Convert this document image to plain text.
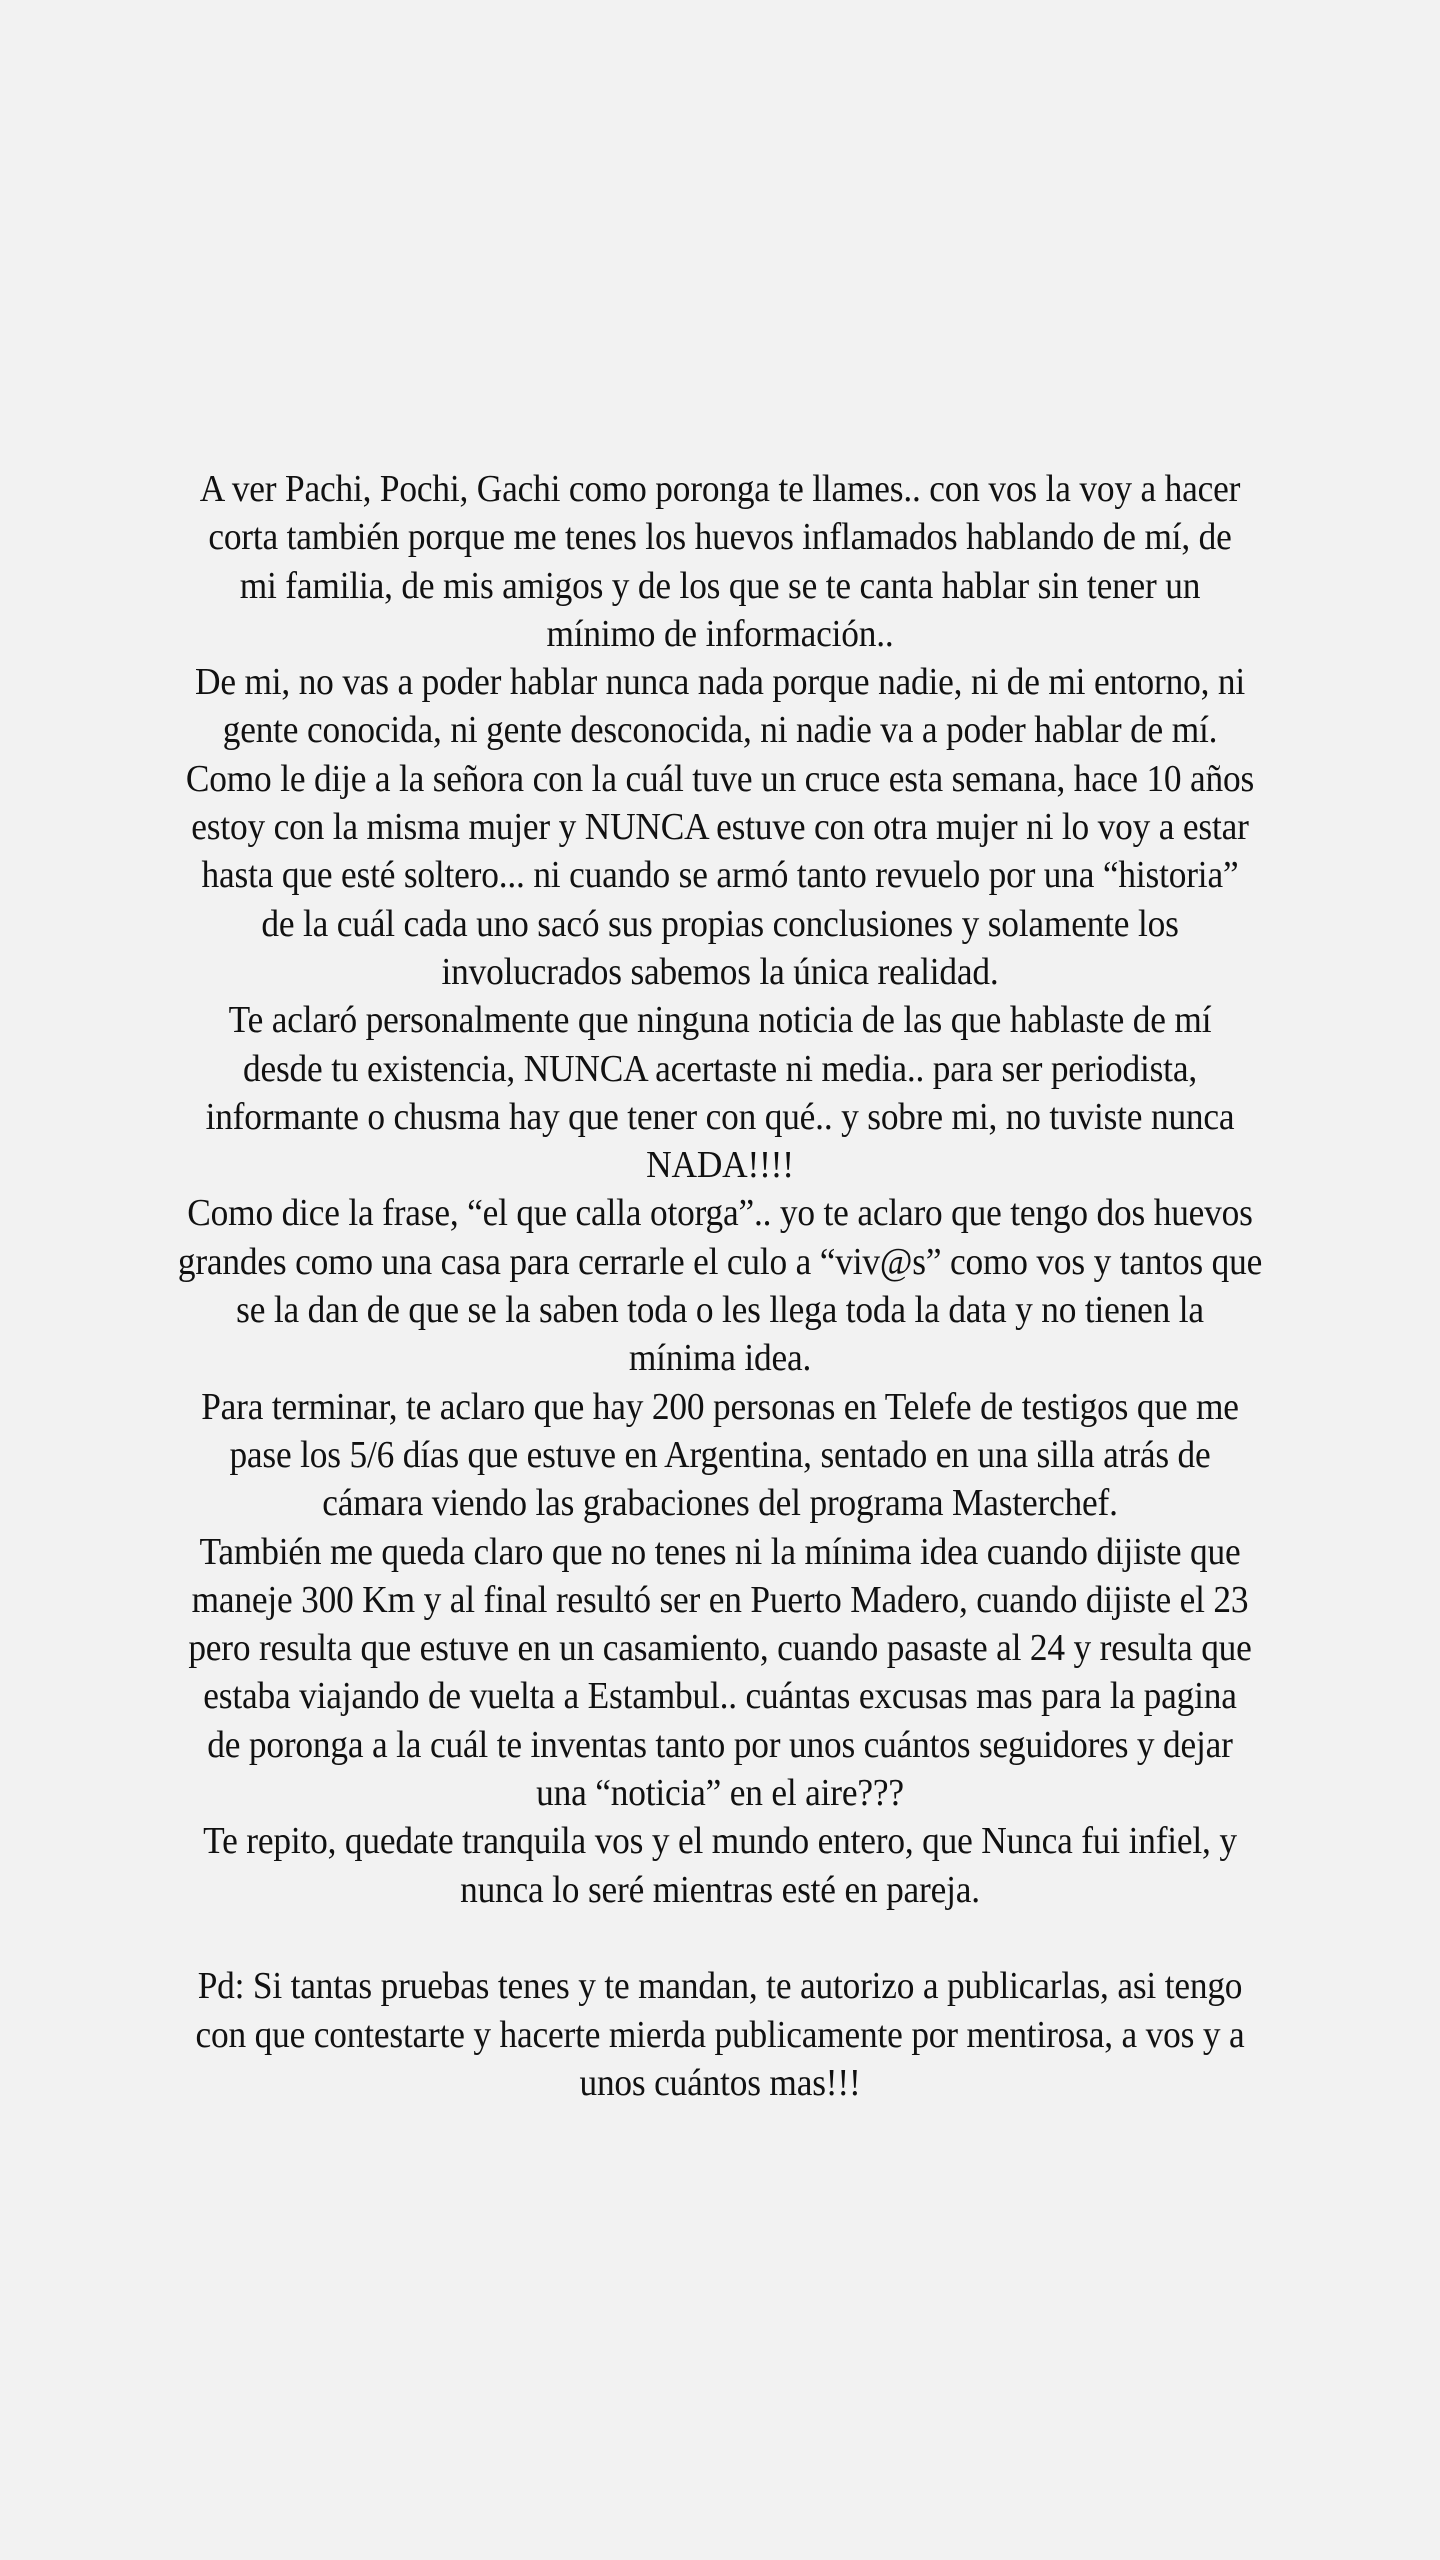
A ver Pachi, Pochi, Gachi como poronga te llames.. con vos la voy a hacer
corta también porque me tenes los huevos inflamados hablando de mí, de
mi familia, de mis amigos y de los que se te canta hablar sin tener un
mínimo de información..
De mi, no vas a poder hablar nunca nada porque nadie, ni de mi entorno, ni
gente conocida, ni gente desconocida, ni nadie va a poder hablar de mí.
Como le dije a la señora con la cuál tuve un cruce esta semana, hace 10 años
estoy con la misma mujer y NUNCA estuve con otra mujer ni lo voy a estar
hasta que esté soltero... ni cuando se armó tanto revuelo por una “historia”
de la cuál cada uno sacó sus propias conclusiones y solamente los
involucrados sabemos la única realidad.
Te aclaró personalmente que ninguna noticia de las que hablaste de mí
desde tu existencia, NUNCA acertaste ni media.. para ser periodista,
informante o chusma hay que tener con qué.. y sobre mi, no tuviste nunca
NADA!!!!
Como dice la frase, “el que calla otorga”.. yo te aclaro que tengo dos huevos
grandes como una casa para cerrarle el culo a “viv@s” como vos y tantos que
se la dan de que se la saben toda o les llega toda la data y no tienen la
mínima idea.
Para terminar, te aclaro que hay 200 personas en Telefe de testigos que me
pase los 5/6 días que estuve en Argentina, sentado en una silla atrás de
cámara viendo las grabaciones del programa Masterchef.
También me queda claro que no tenes ni la mínima idea cuando dijiste que
maneje 300 Km y al final resultó ser en Puerto Madero, cuando dijiste el 23
pero resulta que estuve en un casamiento, cuando pasaste al 24 y resulta que
estaba viajando de vuelta a Estambul.. cuántas excusas mas para la pagina
de poronga a la cuál te inventas tanto por unos cuántos seguidores y dejar
una “noticia” en el aire???
Te repito, quedate tranquila vos y el mundo entero, que Nunca fui infiel, y
nunca lo seré mientras esté en pareja.
Pd: Si tantas pruebas tenes y te mandan, te autorizo a publicarlas, asi tengo
con que contestarte y hacerte mierda publicamente por mentirosa, a vos y a
unos cuántos mas!!!
